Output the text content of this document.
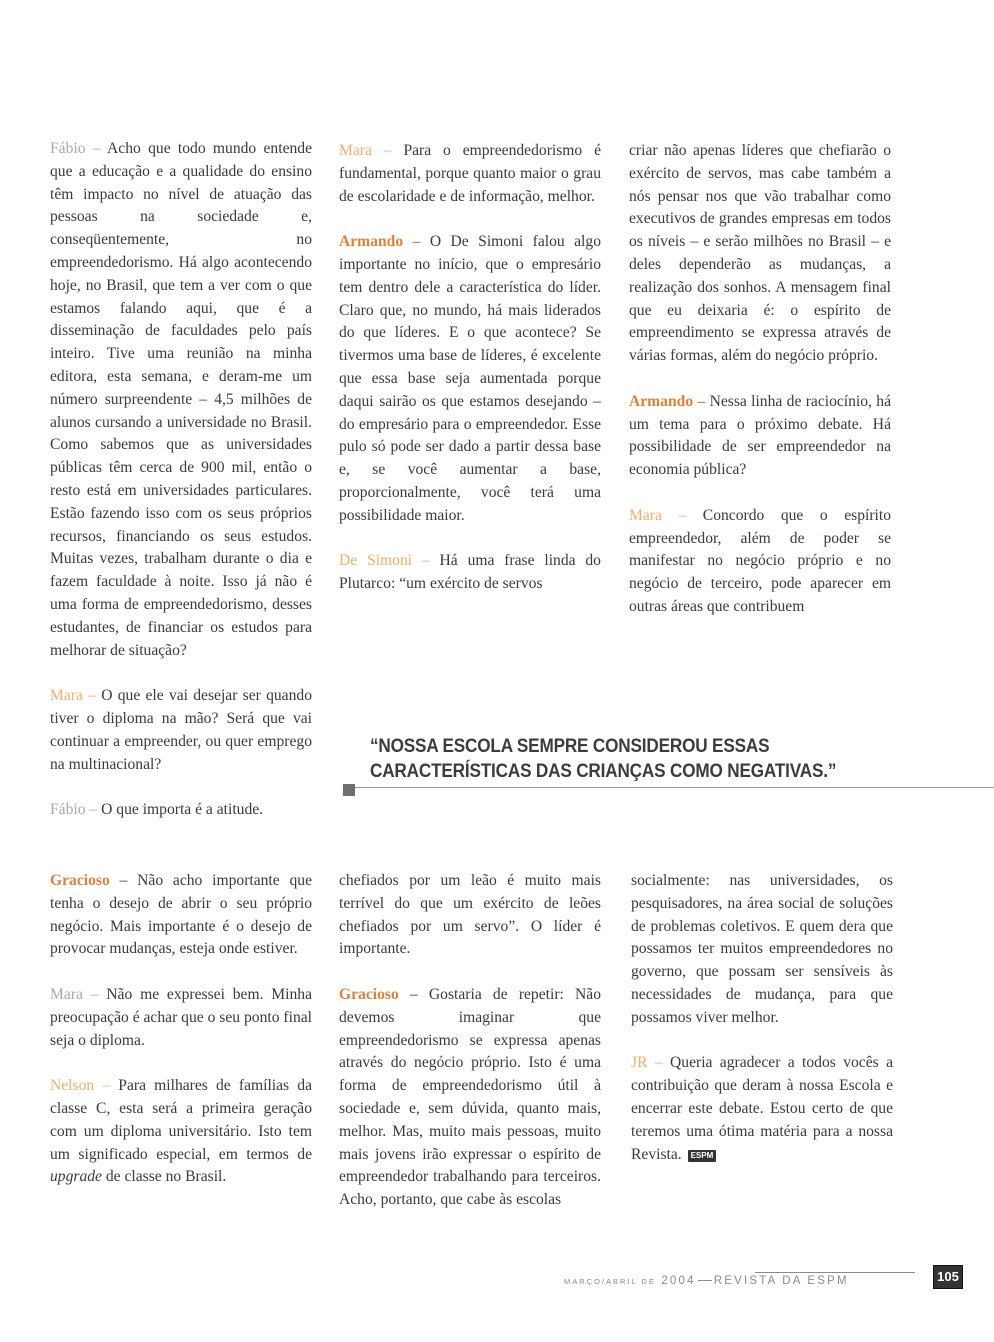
Fábio – Acho que todo mundo entende que a educação e a qualidade do ensino têm impacto no nível de atuação das pessoas na sociedade e, conseqüentemente, no empreendedorismo. Há algo acontecendo hoje, no Brasil, que tem a ver com o que estamos falando aqui, que é a disseminação de faculdades pelo país inteiro. Tive uma reunião na minha editora, esta semana, e deram-me um número surpreendente – 4,5 milhões de alunos cursando a universidade no Brasil. Como sabemos que as universidades públicas têm cerca de 900 mil, então o resto está em universidades particulares. Estão fazendo isso com os seus próprios recursos, financiando os seus estudos. Muitas vezes, trabalham durante o dia e fazem faculdade à noite. Isso já não é uma forma de empreendedorismo, desses estudantes, de financiar os estudos para melhorar de situação?

Mara – O que ele vai desejar ser quando tiver o diploma na mão? Será que vai continuar a empreender, ou quer emprego na multinacional?

Fábio – O que importa é a atitude.

Gracioso – Não acho importante que tenha o desejo de abrir o seu próprio negócio. Mais importante é o desejo de provocar mudanças, esteja onde estiver.

Mara – Não me expressei bem. Minha preocupação é achar que o seu ponto final seja o diploma.

Nelson – Para milhares de famílias da classe C, esta será a primeira geração com um diploma universitário. Isto tem um significado especial, em termos de upgrade de classe no Brasil.

Mara – Para o empreendedorismo é fundamental, porque quanto maior o grau de escolaridade e de informação, melhor.

Armando – O De Simoni falou algo importante no início, que o empresário tem dentro dele a característica do líder. Claro que, no mundo, há mais liderados do que líderes. E o que acontece? Se tivermos uma base de líderes, é excelente que essa base seja aumentada porque daqui sairão os que estamos desejando – do empresário para o empreendedor. Esse pulo só pode ser dado a partir dessa base e, se você aumentar a base, proporcionalmente, você terá uma possibilidade maior.

De Simoni – Há uma frase linda do Plutarco: “um exército de servos

chefiados por um leão é muito mais terrível do que um exército de leões chefiados por um servo”. O líder é importante.

Gracioso – Gostaria de repetir: Não devemos imaginar que empreendedorismo se expressa apenas através do negócio próprio. Isto é uma forma de empreendedorismo útil à sociedade e, sem dúvida, quanto mais, melhor. Mas, muito mais pessoas, muito mais jovens irão expressar o espírito de empreendedor trabalhando para terceiros. Acho, portanto, que cabe às escolas

criar não apenas líderes que chefiarão o exército de servos, mas cabe também a nós pensar nos que vão trabalhar como executivos de grandes empresas em todos os níveis – e serão milhões no Brasil – e deles dependerão as mudanças, a realização dos sonhos. A mensagem final que eu deixaria é: o espírito de empreendimento se expressa através de várias formas, além do negócio próprio.

Armando – Nessa linha de raciocínio, há um tema para o próximo debate. Há possibilidade de ser empreendedor na economia pública?

Mara – Concordo que o espírito empreendedor, além de poder se manifestar no negócio próprio e no negócio de terceiro, pode aparecer em outras áreas que contribuem

socialmente: nas universidades, os pesquisadores, na área social de soluções de problemas coletivos. E quem dera que possamos ter muitos empreendedores no governo, que possam ser sensíveis às necessidades de mudança, para que possamos viver melhor.

JR – Queria agradecer a todos vocês a contribuição que deram à nossa Escola e encerrar este debate. Estou certo de que teremos uma ótima matéria para a nossa Revista. ESPM

“NOSSA ESCOLA SEMPRE CONSIDEROU ESSAS
CARACTERÍSTICAS DAS CRIANÇAS COMO NEGATIVAS.”
MARÇO/ABRIL DE 2004 REVISTA DA ESPM	105
